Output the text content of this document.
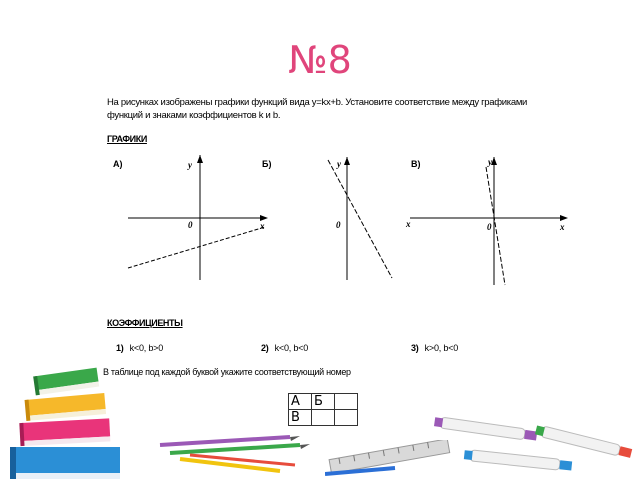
№8
На рисунках изображены графики функций вида y=kx+b. Установите соответствие между графиками функций и знаками коэффициентов k и b.
ГРАФИКИ
А)	Б)	В)
y
x
0
y
0
y
x	x
0
КОЭФФИЦИЕНТЫ
1) k<0, b>0	2) k<0, b<0	3) k>0, b<0
В таблице под каждой буквой укажите соответствующий номер
А	Б	
В		
